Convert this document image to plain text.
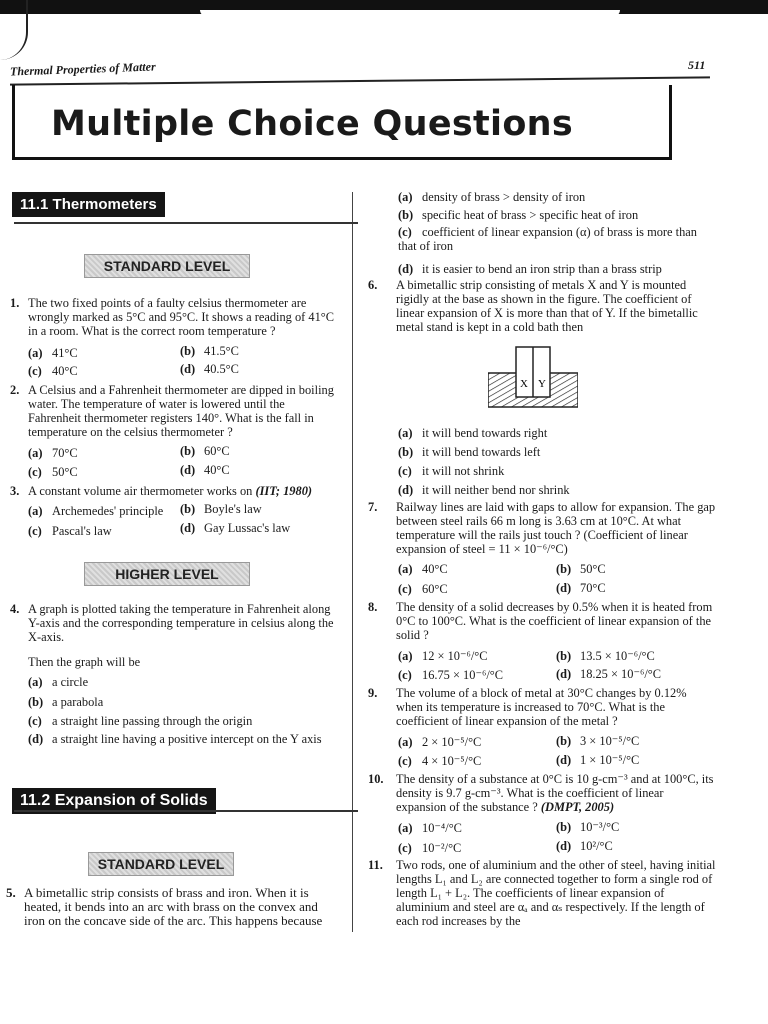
Thermal Properties of Matter	511
Multiple Choice Questions
11.1 Thermometers
STANDARD LEVEL
1. The two fixed points of a faulty celsius thermometer are wrongly marked as 5°C and 95°C. It shows a reading of 41°C in a room. What is the correct room temperature ?
(a) 41°C	(b) 41.5°C
(c) 40°C	(d) 40.5°C
2. A Celsius and a Fahrenheit thermometer are dipped in boiling water. The temperature of water is lowered until the Fahrenheit thermometer registers 140°. What is the fall in temperature on the celsius thermometer ?
(a) 70°C	(b) 60°C
(c) 50°C	(d) 40°C
3. A constant volume air thermometer works on (IIT; 1980)
(a) Archemedes' principle (b) Boyle's law
(c) Pascal's law	(d) Gay Lussac's law
HIGHER LEVEL
4. A graph is plotted taking the temperature in Fahrenheit along Y-axis and the corresponding temperature in celsius along the X-axis.
Then the graph will be
(a) a circle
(b) a parabola
(c) a straight line passing through the origin
(d) a straight line having a positive intercept on the Y axis
11.2 Expansion of Solids
STANDARD LEVEL
5. A bimetallic strip consists of brass and iron. When it is heated, it bends into an arc with brass on the convex and iron on the concave side of the arc. This happens because
(a) density of brass > density of iron
(b) specific heat of brass > specific heat of iron
(c) coefficient of linear expansion (α) of brass is more than that of iron
(d) it is easier to bend an iron strip than a brass strip
6. A bimetallic strip consisting of metals X and Y is mounted rigidly at the base as shown in the figure. The coefficient of linear expansion of X is more than that of Y. If the bimetallic metal stand is kept in a cold bath then
X Y
(a) it will bend towards right
(b) it will bend towards left
(c) it will not shrink
(d) it will neither bend nor shrink
7. Railway lines are laid with gaps to allow for expansion. The gap between steel rails 66 m long is 3.63 cm at 10°C. At what temperature will the rails just touch ? (Coefficient of linear expansion of steel = 11 × 10⁻⁶/°C)
(a) 40°C	(b) 50°C
(c) 60°C	(d) 70°C
8. The density of a solid decreases by 0.5% when it is heated from 0°C to 100°C. What is the coefficient of linear expansion of the solid ?
(a) 12 × 10⁻⁶/°C	(b) 13.5 × 10⁻⁶/°C
(c) 16.75 × 10⁻⁶/°C	(d) 18.25 × 10⁻⁶/°C
9. The volume of a block of metal at 30°C changes by 0.12% when its temperature is increased to 70°C. What is the coefficient of linear expansion of the metal ?
(a) 2 × 10⁻⁵/°C	(b) 3 × 10⁻⁵/°C
(c) 4 × 10⁻⁵/°C	(d) 1 × 10⁻⁵/°C
10. The density of a substance at 0°C is 10 g-cm⁻³ and at 100°C, its density is 9.7 g-cm⁻³. What is the coefficient of linear expansion of the substance ? (DMPT, 2005)
(a) 10⁻⁴/°C	(b) 10⁻³/°C
(c) 10⁻²/°C	(d) 10²/°C
11. Two rods, one of aluminium and the other of steel, having initial lengths L₁ and L₂ are connected together to form a single rod of length L₁ + L₂. The coefficients of linear expansion of aluminium and steel are αₐ and αₛ respectively. If the length of each rod increases by the
